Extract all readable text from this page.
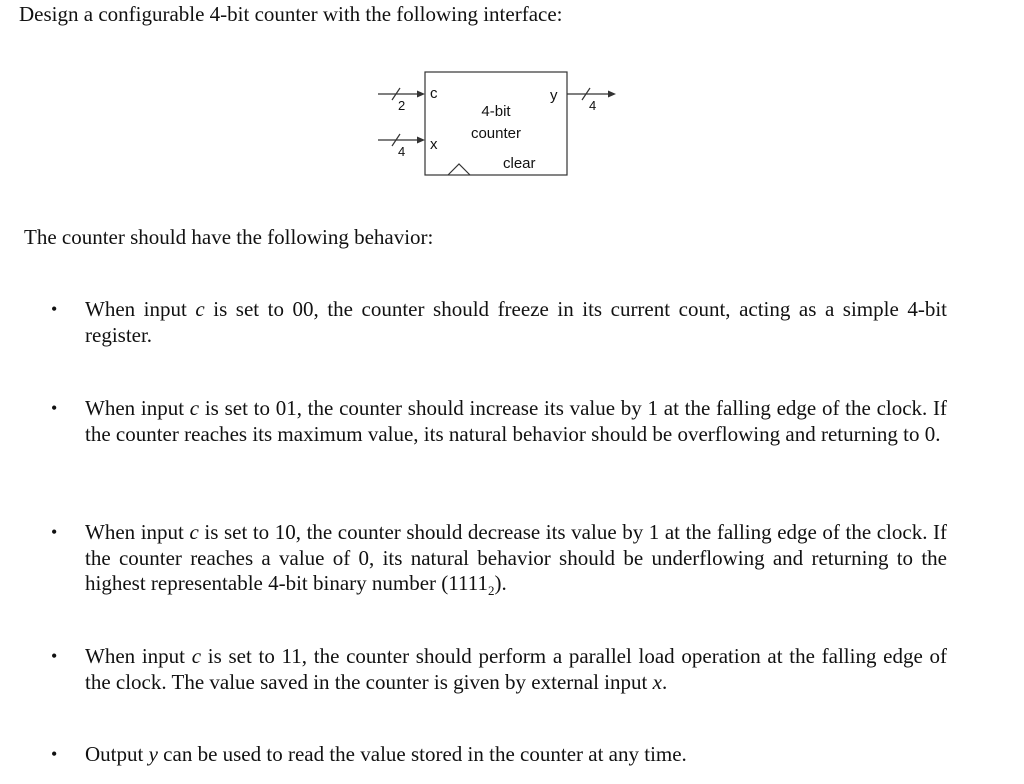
Design a configurable 4-bit counter with the following interface:
2
c
4 x
4-bit
counter
clear
y
4
The counter should have the following behavior:
• When input c is set to 00, the counter should freeze in its current count, acting as a simple 4-bit register.
• When input c is set to 01, the counter should increase its value by 1 at the falling edge of the clock. If the counter reaches its maximum value, its natural behavior should be overflowing and returning to 0.
• When input c is set to 10, the counter should decrease its value by 1 at the falling edge of the clock. If the counter reaches a value of 0, its natural behavior should be underflowing and returning to the highest representable 4-bit binary number $(1111_2)$.
• When input c is set to 11, the counter should perform a parallel load operation at the falling edge of the clock. The value saved in the counter is given by external input x.
• Output y can be used to read the value stored in the counter at any time.
